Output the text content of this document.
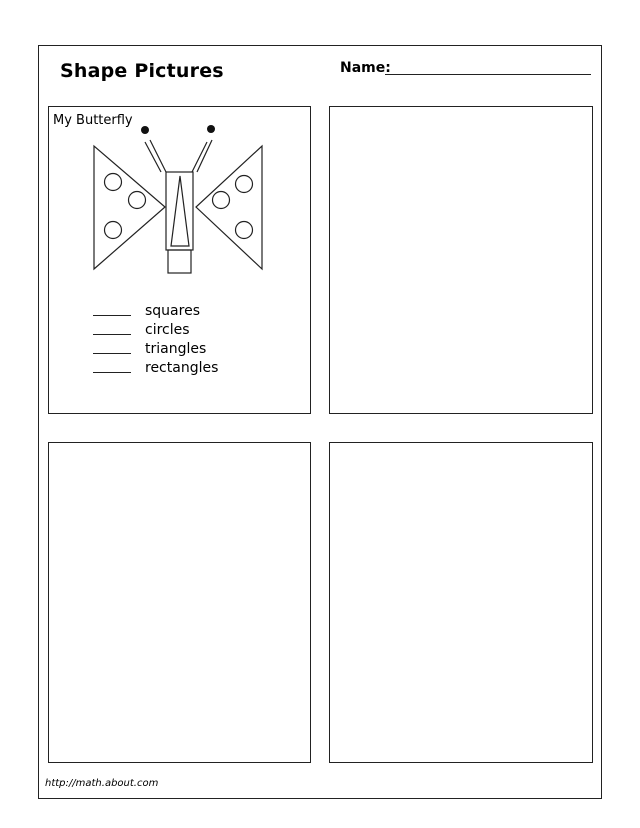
Shape Pictures	Name:
My Butterfly
squares
circles
triangles
rectangles
http://math.about.com
